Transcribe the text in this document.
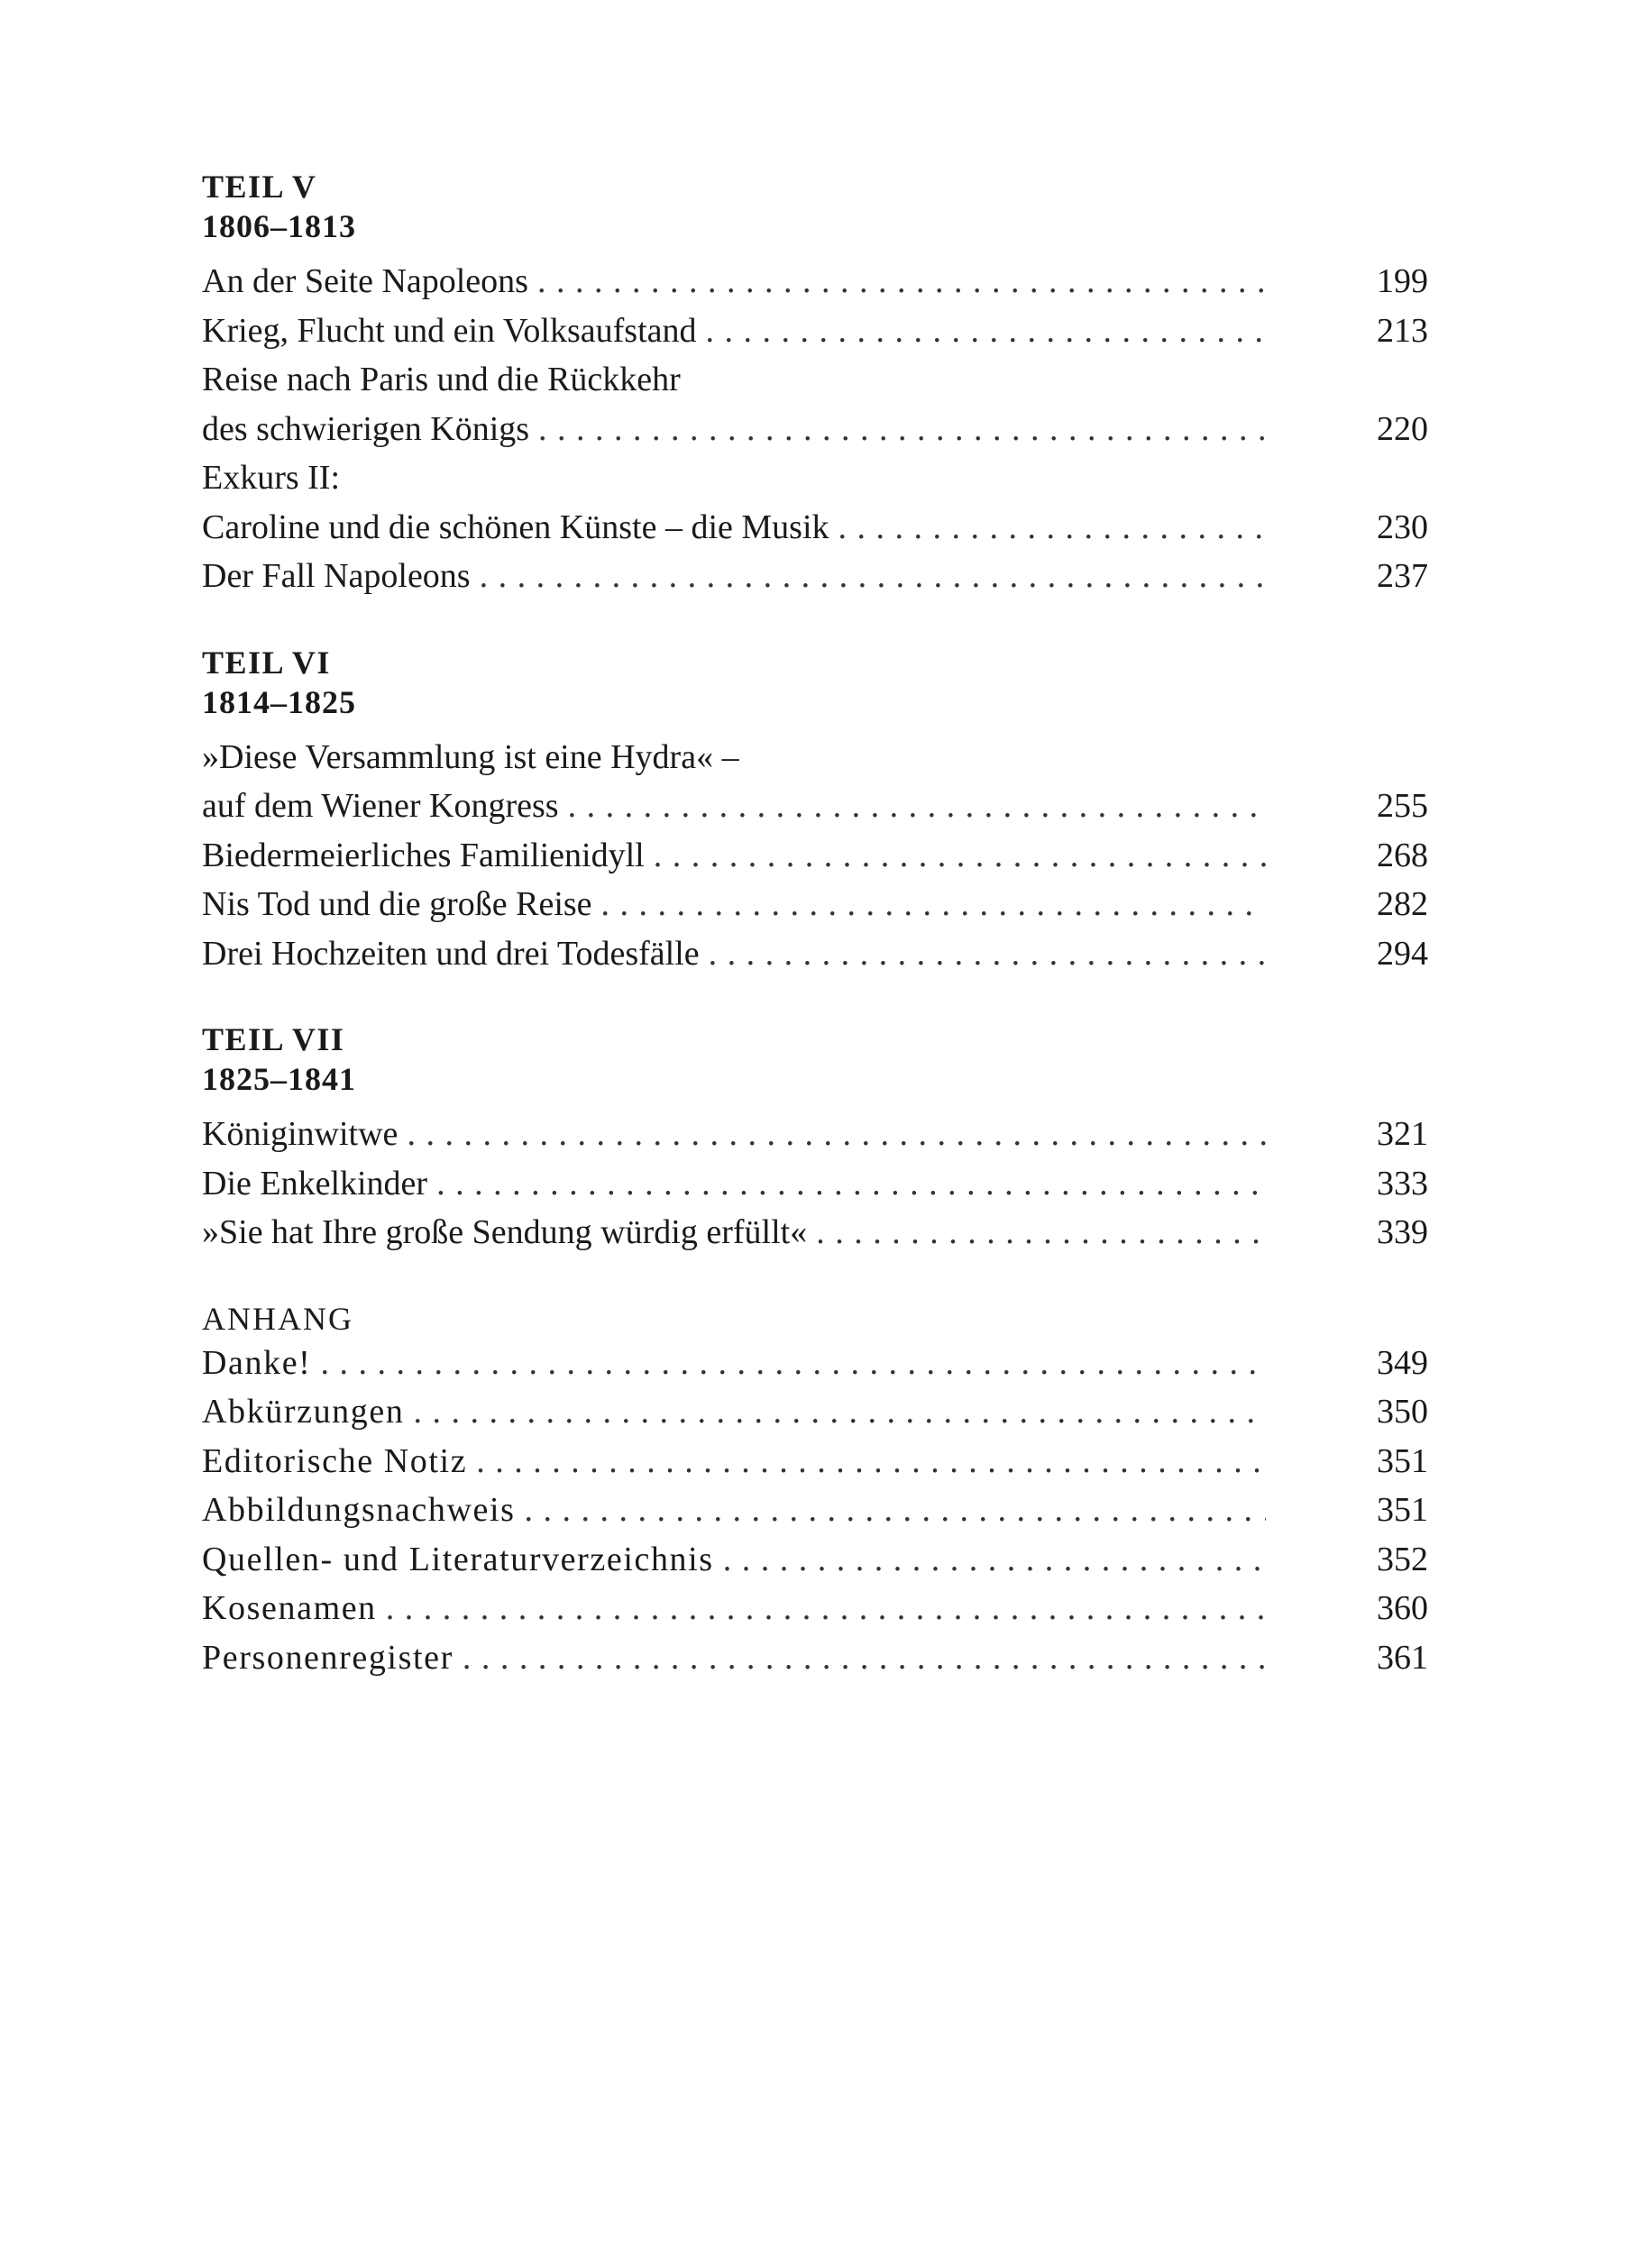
TEIL V
1806–1813
An der Seite Napoleons . . .	199
Krieg, Flucht und ein Volksaufstand . . .	213
Reise nach Paris und die Rückkehr
des schwierigen Königs . . .	220
Exkurs II:
Caroline und die schönen Künste – die Musik . . .	230
Der Fall Napoleons . . .	237
TEIL VI
1814–1825
»Diese Versammlung ist eine Hydra« –
auf dem Wiener Kongress . . .	255
Biedermeierliches Familienidyll . . .	268
Nis Tod und die große Reise . . .	282
Drei Hochzeiten und drei Todesfälle . . .	294
TEIL VII
1825–1841
Königinwitwe . . .	321
Die Enkelkinder . . .	333
»Sie hat Ihre große Sendung würdig erfüllt« . . .	339
ANHANG
Danke! . . .	349
Abkürzungen . . .	350
Editorische Notiz . . .	351
Abbildungsnachweis . . .	351
Quellen- und Literaturverzeichnis . . .	352
Kosenamen . . .	360
Personenregister . . .	361
